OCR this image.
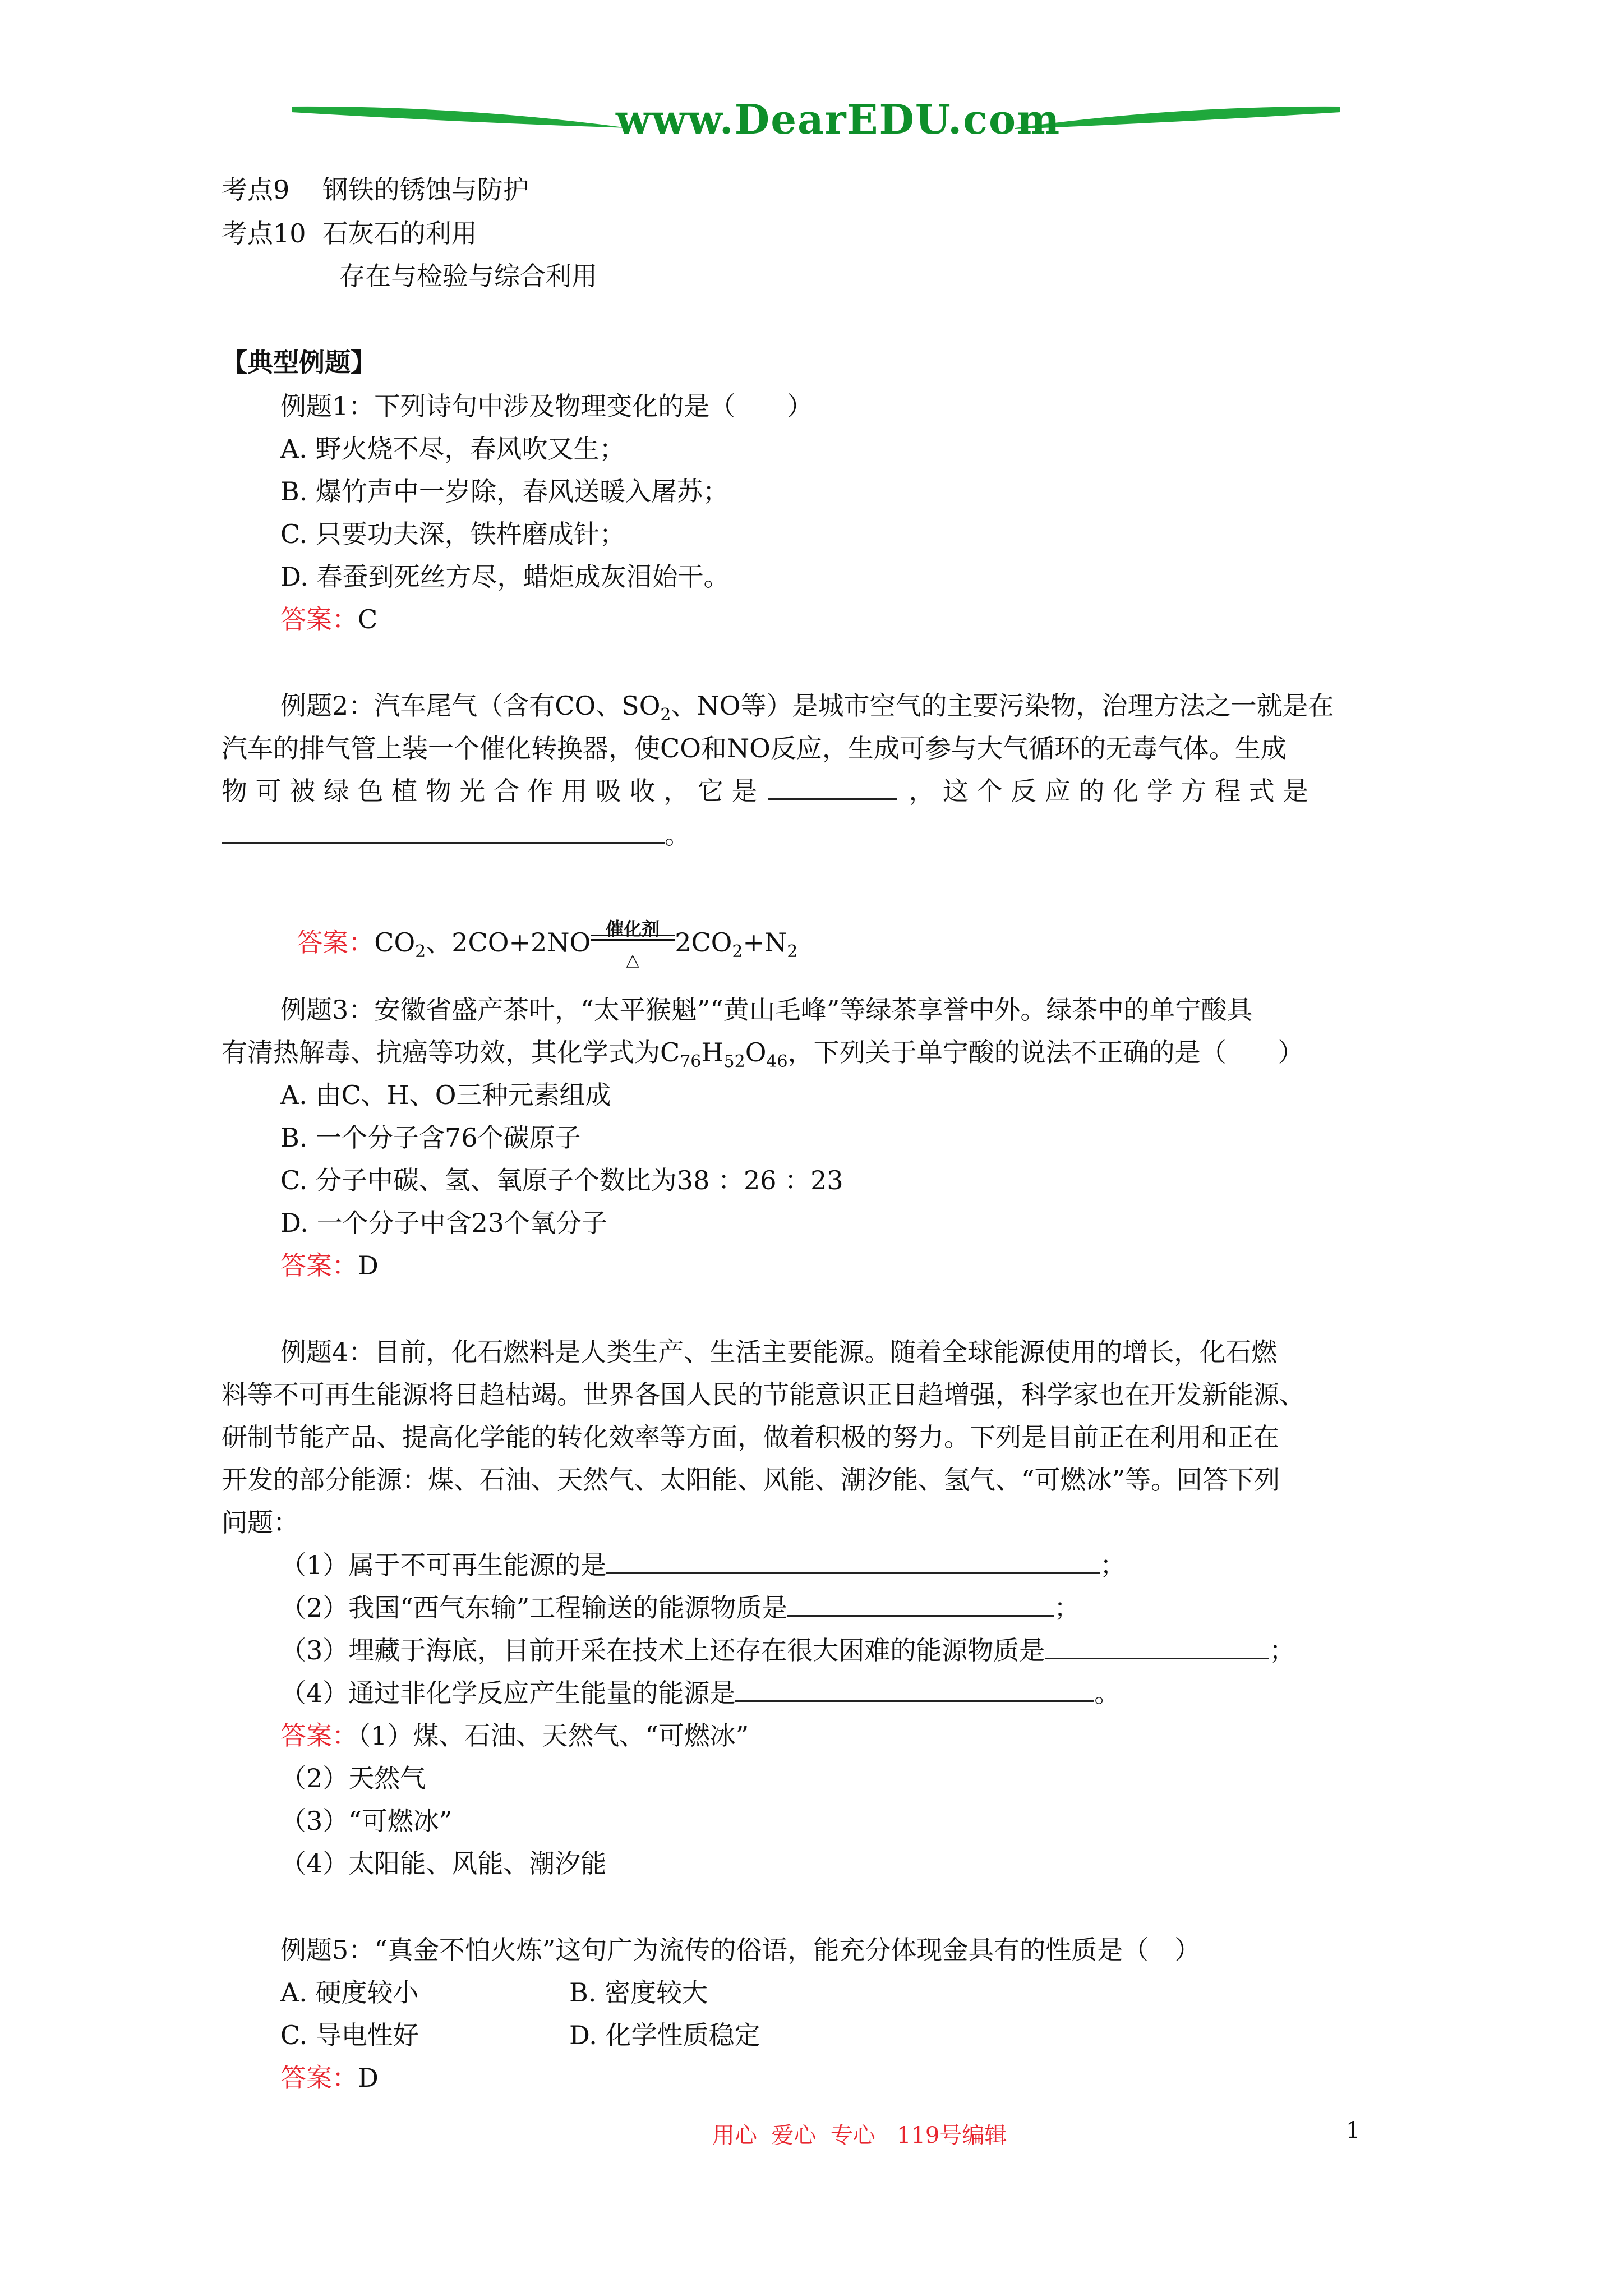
www.DearEDU.com
考点9 钢铁的锈蚀与防护
考点10 石灰石的利用
存在与检验与综合利用
【典型例题】
例题1：下列诗句中涉及物理变化的是（　　）
A. 野火烧不尽，春风吹又生；
B. 爆竹声中一岁除，春风送暖入屠苏；
C. 只要功夫深，铁杵磨成针；
D. 春蚕到死丝方尽，蜡炬成灰泪始干。
答案：C
例题2：汽车尾气（含有CO、$SO_2$、NO等）是城市空气的主要污染物，治理方法之一就是在
汽车的排气管上装一个催化转换器，使CO和NO反应，生成可参与大气循环的无毒气体。生成
物 可 被 绿 色 植 物 光 合 作 用 吸 收 ， 它 是	， 这 个 反 应 的 化 学 方 程 式 是
。

答案：$CO_2$、2CO+2NO 催化剂
△
$2CO_2+N_2$

例题3：安徽省盛产茶叶，“太平猴魁”“黄山毛峰”等绿茶享誉中外。绿茶中的单宁酸具
有清热解毒、抗癌等功效，其化学式为$C_{76}H_{52}O_{46}$，下列关于单宁酸的说法不正确的是（　　）
A. 由C、H、O三种元素组成
B. 一个分子含76个碳原子
C. 分子中碳、氢、氧原子个数比为38 ：26 ：23
D. 一个分子中含23个氧分子
答案：D
例题4：目前，化石燃料是人类生产、生活主要能源。随着全球能源使用的增长，化石燃
料等不可再生能源将日趋枯竭。世界各国人民的节能意识正日趋增强，科学家也在开发新能源、
研制节能产品、提高化学能的转化效率等方面，做着积极的努力。下列是目前正在利用和正在
开发的部分能源：煤、石油、天然气、太阳能、风能、潮汐能、氢气、“可燃冰”等。回答下列
问题：
（1）属于不可再生能源的是	；
（2）我国“西气东输”工程输送的能源物质是	；
（3）埋藏于海底，目前开采在技术上还存在很大困难的能源物质是	；
（4）通过非化学反应产生能量的能源是	。
答案：（1）煤、石油、天然气、“可燃冰”
（2）天然气
（3）“可燃冰”
（4）太阳能、风能、潮汐能
例题5：“真金不怕火炼”这句广为流传的俗语，能充分体现金具有的性质是（　）
A. 硬度较小	B. 密度较大
C. 导电性好	D. 化学性质稳定
答案：D
用心  爱心  专心   119号编辑	1
